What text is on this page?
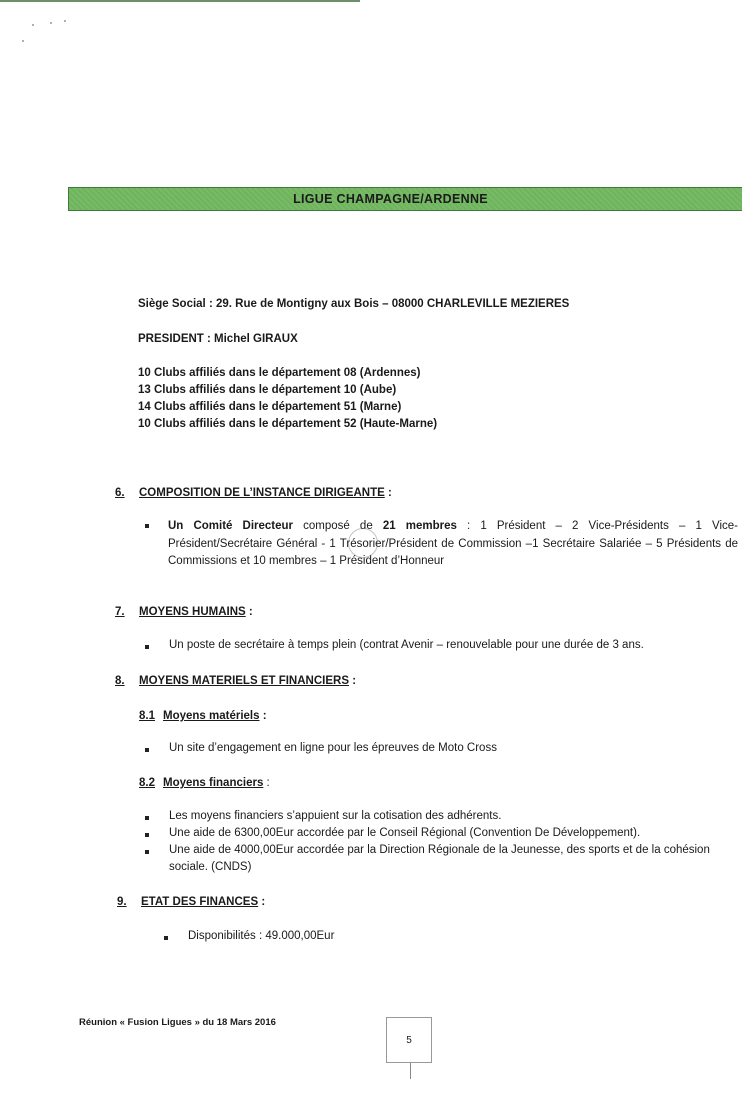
LIGUE CHAMPAGNE/ARDENNE
Siège Social : 29. Rue de Montigny aux Bois – 08000 CHARLEVILLE MEZIERES
PRESIDENT : Michel GIRAUX
10 Clubs affiliés dans le département 08 (Ardennes)
13 Clubs affiliés dans le département 10 (Aube)
14 Clubs affiliés dans le département 51 (Marne)
10 Clubs affiliés dans le département 52 (Haute-Marne)
6. COMPOSITION DE L’INSTANCE DIRIGEANTE :
Un Comité Directeur composé de 21 membres : 1 Président – 2 Vice-Présidents – 1 Vice-Président/Secrétaire Général - 1 Trésorier/Président de Commission –1 Secrétaire Salariée – 5 Présidents de Commissions et 10 membres – 1 Président d’Honneur
7. MOYENS HUMAINS :
Un poste de secrétaire à temps plein (contrat Avenir – renouvelable pour une durée de 3 ans.
8. MOYENS MATERIELS ET FINANCIERS :
8.1 Moyens matériels :
Un site d’engagement en ligne pour les épreuves de Moto Cross
8.2 Moyens financiers :
Les moyens financiers s’appuient sur la cotisation des adhérents.
Une aide de 6300,00Eur accordée par le Conseil Régional (Convention De Développement).
Une aide de 4000,00Eur accordée par la Direction Régionale de la Jeunesse, des sports et de la cohésion
sociale. (CNDS)
9. ETAT DES FINANCES :
Disponibilités : 49.000,00Eur
Réunion « Fusion Ligues » du 18 Mars 2016
5
